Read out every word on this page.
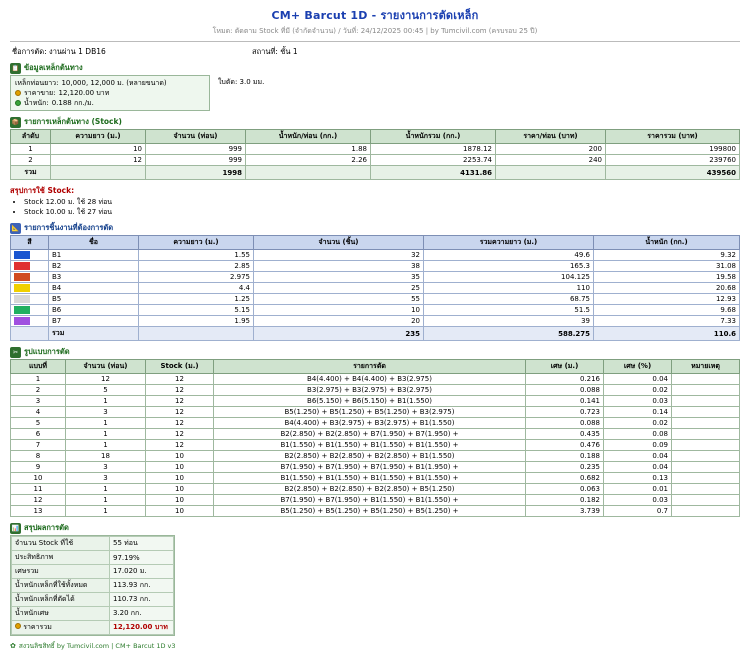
CM+ Barcut 1D - รายงานการตัดเหล็ก
โหมด: ตัดตาม Stock ที่มี (จำกัดจำนวน) / วันที่: 24/12/2025 00:45 | by Tumcivil.com (ครบรอบ 25 ปี)
ชื่อการตัด: งานผ่าน 1 DB16	สถานที่: ชั้น 1
📋 ข้อมูลเหล็กต้นทาง
เหล็กท่อนยาว: 10,000, 12,000 ม. (หลายขนาด)
ราคาขาย: 12,120.00 บาท
น้ำหนัก: 0.188 กก./ม.
ใบตัด: 3.0 มม.
📦 รายการเหล็กต้นทาง (Stock)
ลำดับ	ความยาว (ม.)	จำนวน (ท่อน)	น้ำหนัก/ท่อน (กก.)	น้ำหนักรวม (กก.)	ราคา/ท่อน (บาท)	ราคารวม (บาท)
1	10	999	1.88	1878.12	200	199800
2	12	999	2.26	2253.74	240	239760
รวม		1998		4131.86		439560
สรุปการใช้ Stock:
• Stock 12.00 ม. ใช้ 28 ท่อน
• Stock 10.00 ม. ใช้ 27 ท่อน
📐 รายการชิ้นงานที่ต้องการตัด
สี	ชื่อ	ความยาว (ม.)	จำนวน (ชิ้น)	รวมความยาว (ม.)	น้ำหนัก (กก.)

	B1	1.55	32	49.6	9.32

	B2	2.85	38	165.3	31.08

	B3	2.975	35	104.125	19.58

	B4	4.4	25	110	20.68

	B5	1.25	55	68.75	12.93

	B6	5.15	10	51.5	9.68

	B7	1.95	20	39	7.33
	รวม		235	588.275	110.6
✂ รูปแบบการตัด
แบบที่	จำนวน (ท่อน)	Stock (ม.)	รายการตัด	เศษ (ม.)	เศษ (%)	หมายเหตุ
1	12	12	B4(4.400) + B4(4.400) + B3(2.975)	0.216	0.04	
2	5	12	B3(2.975) + B3(2.975) + B3(2.975)	0.088	0.02	
3	1	12	B6(5.150) + B6(5.150) + B1(1.550)	0.141	0.03	
4	3	12	B5(1.250) + B5(1.250) + B5(1.250) + B3(2.975)	0.723	0.14	
5	1	12	B4(4.400) + B3(2.975) + B3(2.975) + B1(1.550)	0.088	0.02	
6	1	12	B2(2.850) + B2(2.850) + B7(1.950) + B7(1.950) +	0.435	0.08	
7	1	12	B1(1.550) + B1(1.550) + B1(1.550) + B1(1.550) +	0.476	0.09	
8	18	10	B2(2.850) + B2(2.850) + B2(2.850) + B1(1.550)	0.188	0.04	
9	3	10	B7(1.950) + B7(1.950) + B7(1.950) + B1(1.950) +	0.235	0.04	
10	3	10	B1(1.550) + B1(1.550) + B1(1.550) + B1(1.550) +	0.682	0.13	
11	1	10	B2(2.850) + B2(2.850) + B2(2.850) + B5(1.250)	0.063	0.01	
12	1	10	B7(1.950) + B7(1.950) + B1(1.550) + B1(1.550) +	0.182	0.03	
13	1	10	B5(1.250) + B5(1.250) + B5(1.250) + B5(1.250) +	3.739	0.7	
📊 สรุปผลการตัด
จำนวน Stock ที่ใช้	55 ท่อน
ประสิทธิภาพ	97.19%
เศษรวม	17.020 ม.
น้ำหนักเหล็กที่ใช้ทั้งหมด	113.93 กก.
น้ำหนักเหล็กที่ตัดได้	110.73 กก.
น้ำหนักเศษ	3.20 กก.
ราคารวม	12,120.00 บาท
✿ สงวนลิขสิทธิ์ by Tumcivil.com | CM+ Barcut 1D v3
